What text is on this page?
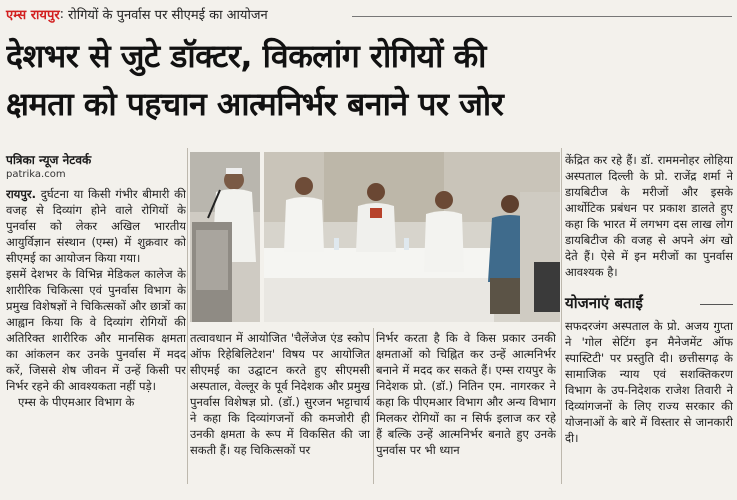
एम्स रायपुर : रोगियों के पुनर्वास पर सीएमई का आयोजन
देशभर से जुटे डॉक्टर, विकलांग रोगियों की
क्षमता को पहचान आत्मनिर्भर बनाने पर जोर
पत्रिका न्यूज नेटवर्क
patrika.com

रायपुर. दुर्घटना या किसी गंभीर बीमारी की वजह से दिव्यांग होने वाले रोगियों के पुनर्वास को लेकर अखिल भारतीय आयुर्विज्ञान संस्थान (एम्स) में शुक्रवार को सीएमई का आयोजन किया गया।

इसमें देशभर के विभिन्न मेडिकल कालेज के शारीरिक चिकित्सा एवं पुनर्वास विभाग के प्रमुख विशेषज्ञों ने चिकित्सकों और छात्रों का आह्वान किया कि वे दिव्यांग रोगियों की अतिरिक्त शारीरिक और मानसिक क्षमता का आंकलन कर उनके पुनर्वास में मदद करें, जिससे शेष जीवन में उन्हें किसी पर निर्भर रहने की आवश्यकता नहीं पड़े।

एम्स के पीएमआर विभाग के

तत्वावधान में आयोजित 'चैलेंजेज एंड स्कोप ऑफ रिहेबिलिटेशन' विषय पर आयोजित सीएमई का उद्घाटन करते हुए सीएमसी अस्पताल, वेल्लूर के पूर्व निदेशक और प्रमुख पुनर्वास विशेषज्ञ प्रो. (डॉ.) सुरजन भट्टाचार्य ने कहा कि दिव्यांगजनों की कमजोरी ही उनकी क्षमता के रूप में विकसित की जा सकती हैं। यह चिकित्सकों पर
निर्भर करता है कि वे किस प्रकार उनकी क्षमताओं को चिह्नित कर उन्हें आत्मनिर्भर बनाने में मदद कर सकते हैं। एम्स रायपुर के निदेशक प्रो. (डॉ.) नितिन एम. नागरकर ने कहा कि पीएमआर विभाग और अन्य विभाग मिलकर रोगियों का न सिर्फ इलाज कर रहे हैं बल्कि उन्हें आत्मनिर्भर बनाते हुए उनके पुनर्वास पर भी ध्यान
केंद्रित कर रहे हैं। डॉ. राममनोहर लोहिया अस्पताल दिल्ली के प्रो. राजेंद्र शर्मा ने डायबिटीज के मरीजों और इसके आर्थोटिक प्रबंधन पर प्रकाश डालते हुए कहा कि भारत में लगभग दस लाख लोग डायबिटीज की वजह से अपने अंग खो देते हैं। ऐसे में इन मरीजों का पुनर्वास आवश्यक है।
योजनाएं बताईं
सफदरजंग अस्पताल के प्रो. अजय गुप्ता ने 'गोल सेटिंग इन मैनेजमेंट ऑफ स्पास्टिटी' पर प्रस्तुति दी। छत्तीसगढ़ के सामाजिक न्याय एवं सशक्तिकरण विभाग के उप-निदेशक राजेश तिवारी ने दिव्यांगजनों के लिए राज्य सरकार की योजनाओं के बारे में विस्तार से जानकारी दी।
